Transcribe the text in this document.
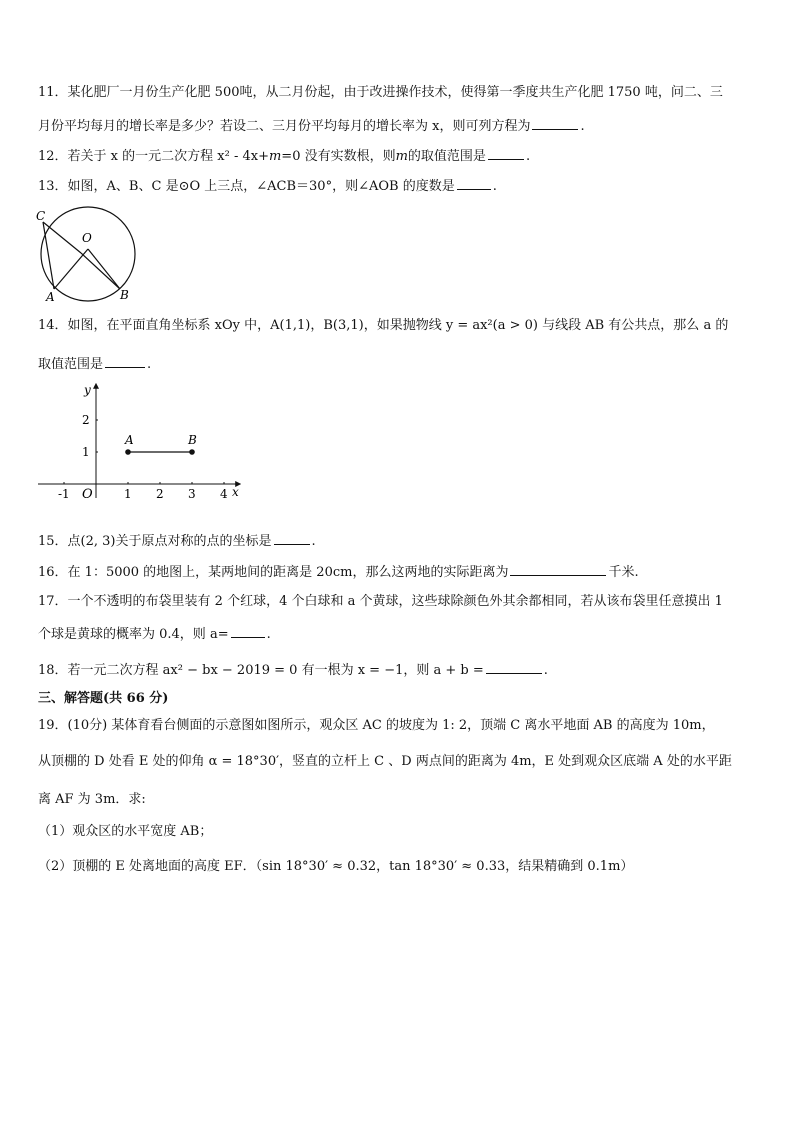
11．某化肥厂一月份生产化肥 500吨，从二月份起，由于改进操作技术，使得第一季度共生产化肥 1750 吨，问二、三
月份平均每月的增长率是多少？若设二、三月份平均每月的增长率为 x，则可列方程为	.
12．若关于 x 的一元二次方程 x² - 4x+m=0 没有实数根，则m的取值范围是	.
13．如图，A、B、C 是⊙O 上三点，∠ACB＝30°，则∠AOB 的度数是	.
C
O
A	B
14．如图，在平面直角坐标系 xOy 中，A(1,1)，B(3,1)，如果抛物线 y = ax²(a > 0) 与线段 AB 有公共点，那么 a 的
取值范围是	.
-1	1 2 3 4
1
2
O
y
x
A	B
15．点(2, 3)关于原点对称的点的坐标是	.
16．在 1：5000 的地图上，某两地间的距离是 20cm，那么这两地的实际距离为	千米.
17．一个不透明的布袋里装有 2 个红球，4 个白球和 a 个黄球，这些球除颜色外其余都相同，若从该布袋里任意摸出 1
个球是黄球的概率为 0.4，则 a=	.
18．若一元二次方程 ax² − bx − 2019 = 0 有一根为 x = −1，则 a + b =	.
三、解答题(共 66 分)
19．(10分) 某体育看台侧面的示意图如图所示，观众区 AC 的坡度为 1: 2，顶端 C 离水平地面 AB 的高度为 10m，
从顶棚的 D 处看 E 处的仰角 α = 18°30′，竖直的立杆上 C 、D 两点间的距离为 4m，E 处到观众区底端 A 处的水平距
离 AF 为 3m．求:
（1）观众区的水平宽度 AB；
（2）顶棚的 E 处离地面的高度 EF．（sin 18°30′ ≈ 0.32，tan 18°30′ ≈ 0.33，结果精确到 0.1m）
